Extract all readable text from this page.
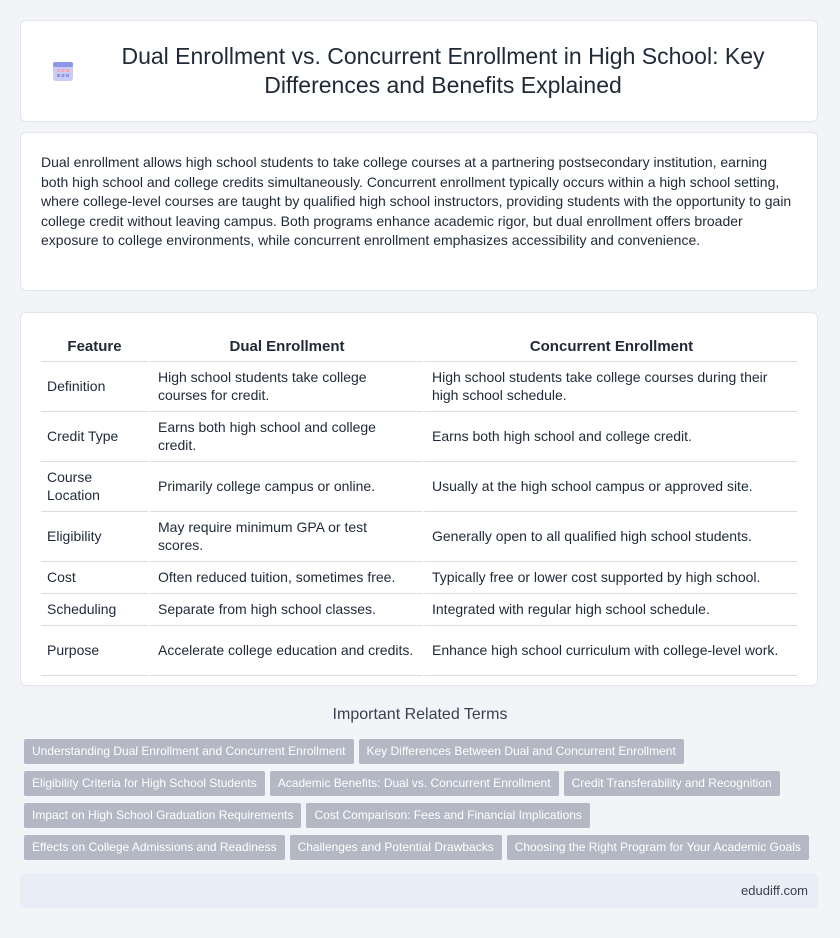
Dual Enrollment vs. Concurrent Enrollment in High School: Key Differences and Benefits Explained

Dual enrollment allows high school students to take college courses at a partnering postsecondary institution, earning both high school and college credits simultaneously. Concurrent enrollment typically occurs within a high school setting, where college-level courses are taught by qualified high school instructors, providing students with the opportunity to gain college credit without leaving campus. Both programs enhance academic rigor, but dual enrollment offers broader exposure to college environments, while concurrent enrollment emphasizes accessibility and convenience.

Feature	Dual Enrollment	Concurrent Enrollment
Definition	High school students take college courses for credit.	High school students take college courses during their high school schedule.
Credit Type	Earns both high school and college credit.	Earns both high school and college credit.
Course Location	Primarily college campus or online.	Usually at the high school campus or approved site.
Eligibility	May require minimum GPA or test scores.	Generally open to all qualified high school students.
Cost	Often reduced tuition, sometimes free.	Typically free or lower cost supported by high school.
Scheduling	Separate from high school classes.	Integrated with regular high school schedule.
Purpose	Accelerate college education and credits.	Enhance high school curriculum with college-level work.
Important Related Terms
Understanding Dual Enrollment and Concurrent Enrollment Key Differences Between Dual and Concurrent Enrollment
Eligibility Criteria for High School Students Academic Benefits: Dual vs. Concurrent Enrollment Credit Transferability and Recognition
Impact on High School Graduation Requirements Cost Comparison: Fees and Financial Implications
Effects on College Admissions and Readiness Challenges and Potential Drawbacks Choosing the Right Program for Your Academic Goals
edudiff.com
